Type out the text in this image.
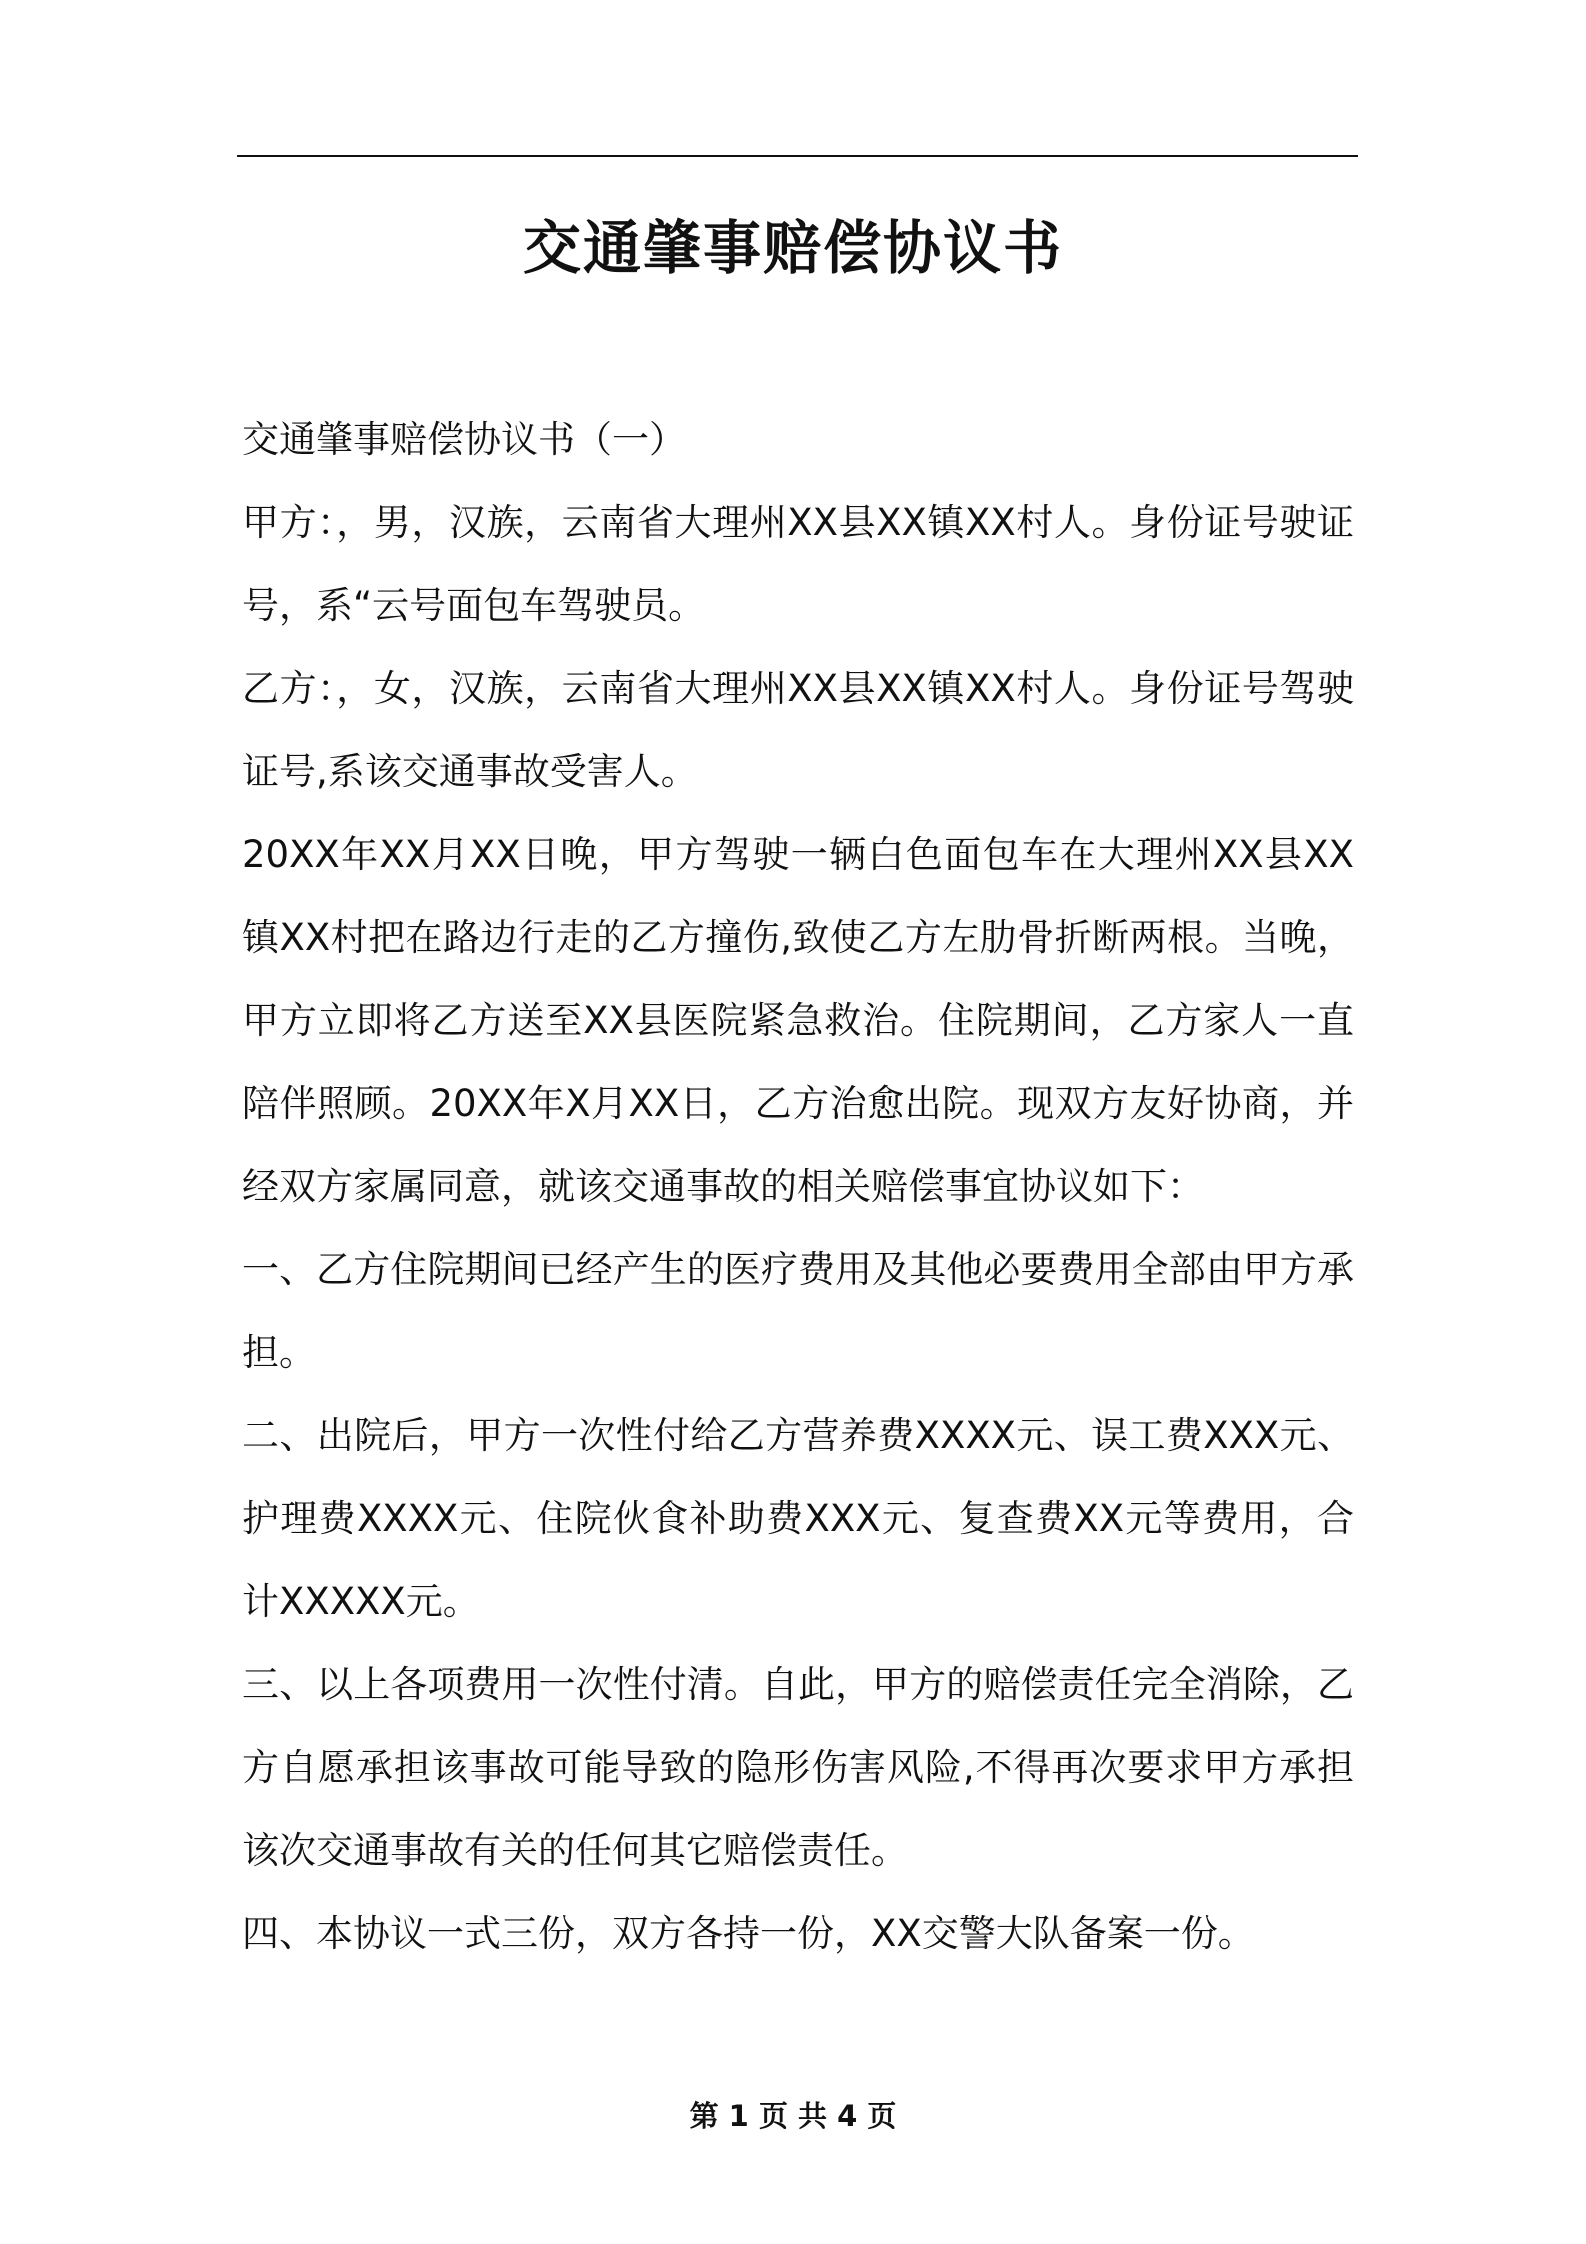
交通肇事赔偿协议书

交通肇事赔偿协议书（一）

甲方：，男，汉族，云南省大理州XX县XX镇XX村人。身份证号驶证号，系“云号面包车驾驶员。

乙方：，女，汉族，云南省大理州XX县XX镇XX村人。身份证号驾驶证号,系该交通事故受害人。

20XX年XX月XX日晚，甲方驾驶一辆白色面包车在大理州XX县XX镇XX村把在路边行走的乙方撞伤,致使乙方左肋骨折断两根。当晚，甲方立即将乙方送至XX县医院紧急救治。住院期间，乙方家人一直陪伴照顾。20XX年X月XX日，乙方治愈出院。现双方友好协商，并经双方家属同意，就该交通事故的相关赔偿事宜协议如下：

一、乙方住院期间已经产生的医疗费用及其他必要费用全部由甲方承担。

二、出院后，甲方一次性付给乙方营养费XXXX元、误工费XXX元、护理费XXXX元、住院伙食补助费XXX元、复查费XX元等费用，合计XXXXX元。

三、以上各项费用一次性付清。自此，甲方的赔偿责任完全消除，乙方自愿承担该事故可能导致的隐形伤害风险,不得再次要求甲方承担该次交通事故有关的任何其它赔偿责任。

四、本协议一式三份，双方各持一份，XX交警大队备案一份。

第 1 页 共 4 页
